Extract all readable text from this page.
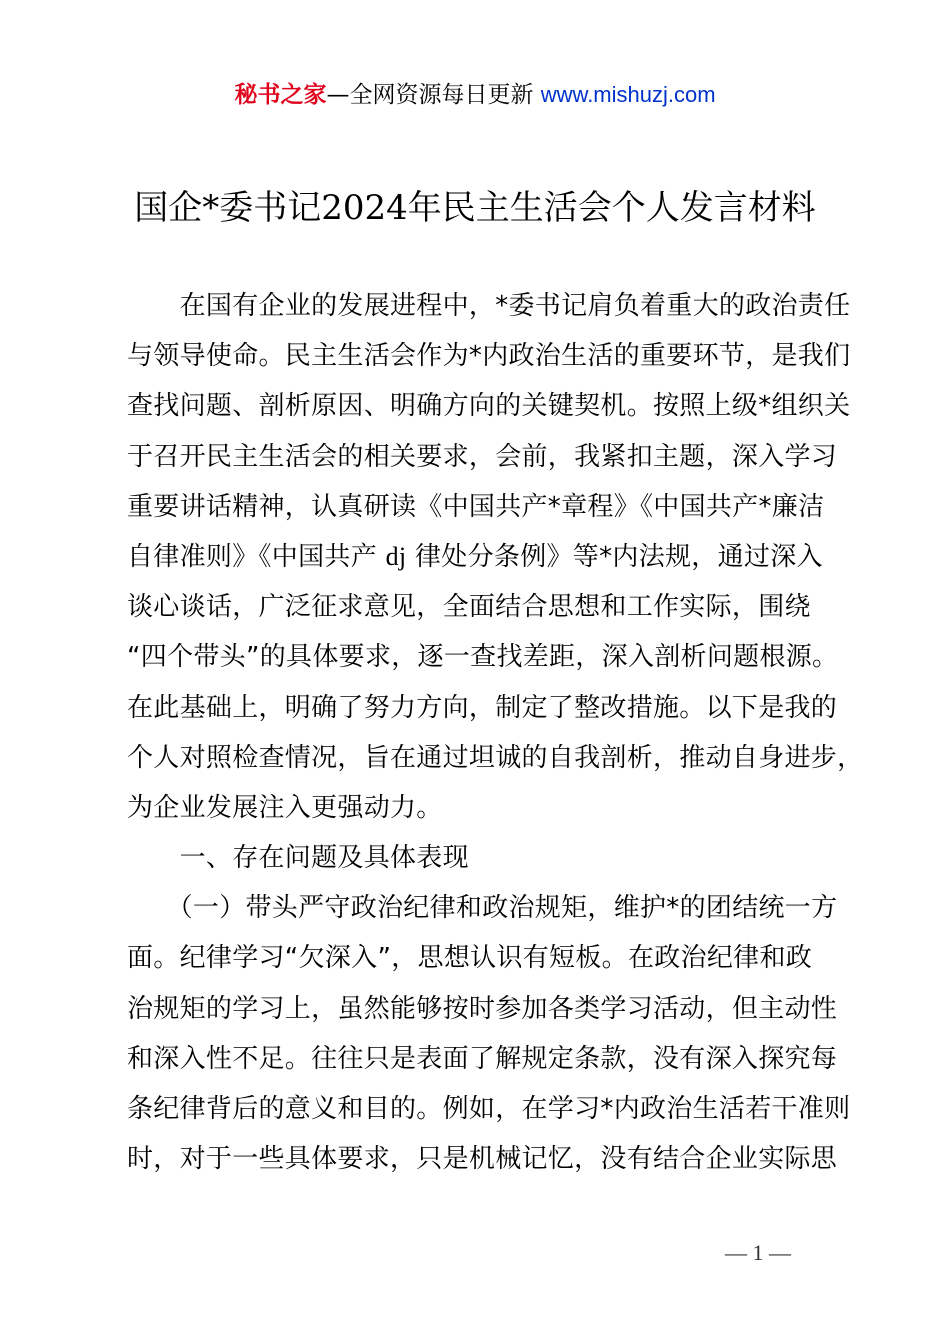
秘书之家—全网资源每日更新 www.mishuzj.com
国企*委书记2024年民主生活会个人发言材料
　　在国有企业的发展进程中，*委书记肩负着重大的政治责任
与领导使命。民主生活会作为*内政治生活的重要环节，是我们
查找问题、剖析原因、明确方向的关键契机。按照上级*组织关
于召开民主生活会的相关要求，会前，我紧扣主题，深入学习
重要讲话精神，认真研读《中国共产*章程》《中国共产*廉洁
自律准则》《中国共产 dj 律处分条例》等*内法规，通过深入
谈心谈话，广泛征求意见，全面结合思想和工作实际，围绕
“四个带头”的具体要求，逐一查找差距，深入剖析问题根源。
在此基础上，明确了努力方向，制定了整改措施。以下是我的
个人对照检查情况，旨在通过坦诚的自我剖析，推动自身进步，
为企业发展注入更强动力。
　　一、存在问题及具体表现
　　（一）带头严守政治纪律和政治规矩，维护*的团结统一方
面。纪律学习“欠深入”，思想认识有短板。在政治纪律和政
治规矩的学习上，虽然能够按时参加各类学习活动，但主动性
和深入性不足。往往只是表面了解规定条款，没有深入探究每
条纪律背后的意义和目的。例如，在学习*内政治生活若干准则
时，对于一些具体要求，只是机械记忆，没有结合企业实际思
— 1 —
